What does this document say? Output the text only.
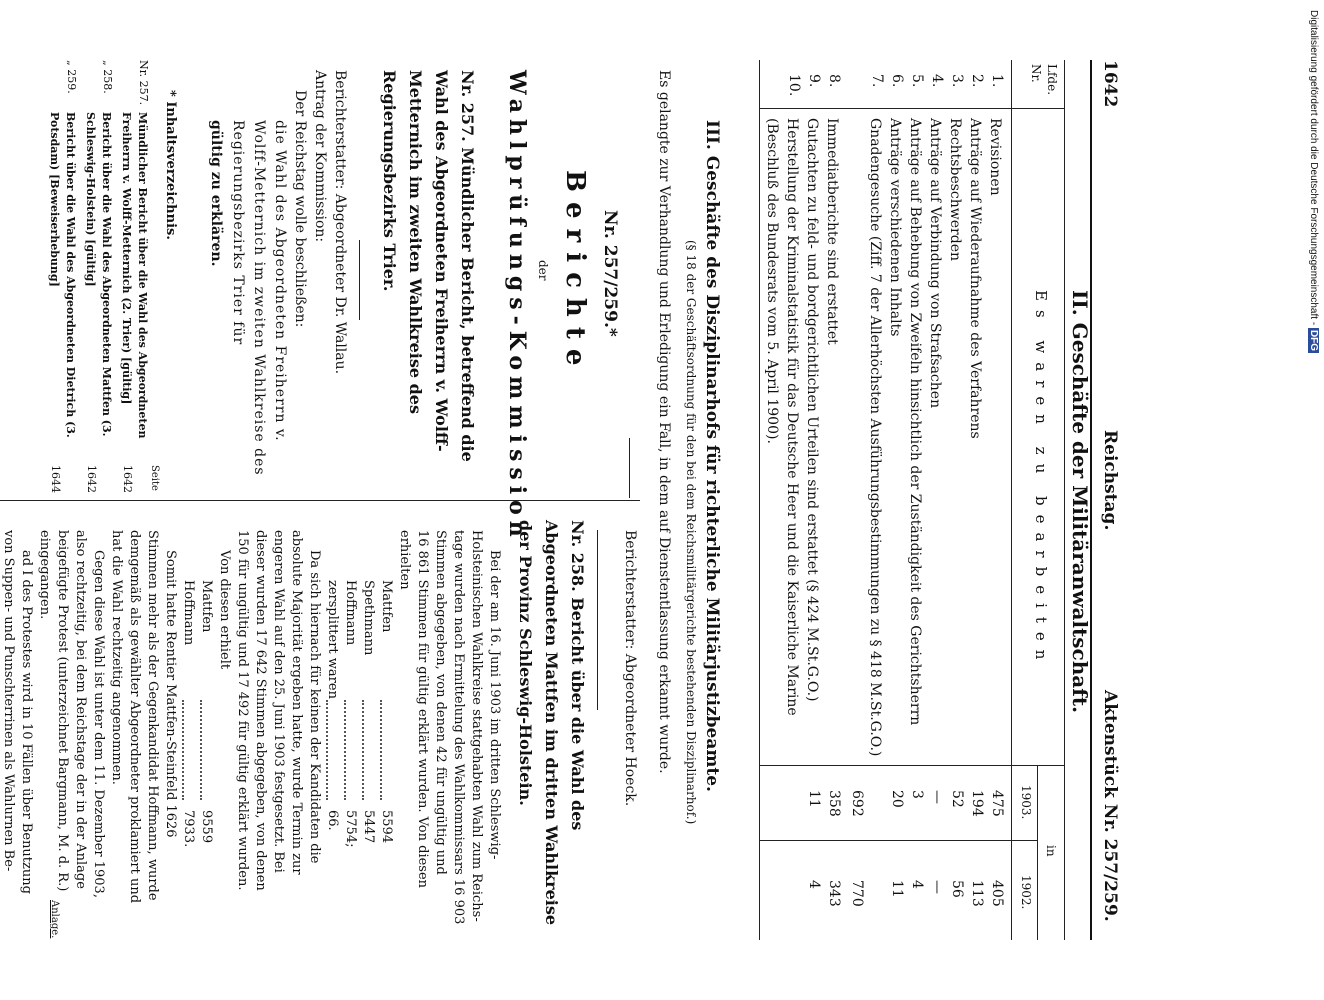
Digitalisierung gefördert durch die Deutsche Forschungsgemeinschaft - DFG
1642
Reichstag.
Aktenstück Nr. 257/259.
II. Geschäfte der Militäranwaltschaft.
Lfde. Nr.
Es waren zu bearbeiten
in
1903.
1902.
1.
Revisionen
475
405
2.
Anträge auf Wiederaufnahme des Verfahrens
194
113
3.
Rechtsbeschwerden
52
56
4.
Anträge auf Verbindung von Strafsachen
—
—
5.
Anträge auf Behebung von Zweifeln hinsichtlich der Zuständigkeit des Gerichtsherrn
3
4
6.
Anträge verschiedenen Inhalts
20
11
7.
Gnadengesuche (Ziff. 7 der Allerhöchsten Ausführungsbestimmungen zu § 418 M.St.G.O.)
692
770
8.
Immediatberichte sind erstattet
358
343
9.
Gutachten zu feld- und bordgerichtlichen Urteilen sind erstattet (§ 424 M.St.G.O.)
11
4
10.
Herstellung der Kriminalstatistik für das Deutsche Heer und die Kaiserliche Marine (Beschluß des Bundesrats vom 5. April 1900).
III. Geschäfte des Disziplinarhofs für richterliche Militärjustizbeamte.
(§ 18 der Geschäftsordnung für den bei dem Reichsmilitärgerichte bestehenden Disziplinarhof.)
Es gelangte zur Verhandlung und Erledigung ein Fall, in dem auf Dienstentlassung erkannt wurde.
Nr. 257/259.*
Berichte
der
Wahlprüfungs-Kommission
Nr. 257. Mündlicher Bericht, betreffend die Wahl des Abgeordneten Freiherrn v. Wolff-Metternich im zweiten Wahlkreise des Regierungsbezirks Trier.
Berichterstatter: Abgeordneter Dr. Wallau.
Antrag der Kommission:
Der Reichstag wolle beschließen:
die Wahl des Abgeordneten Freiherrn v. Wolff-Metternich im zweiten Wahlkreise des Regierungsbezirks Trier für
gültig zu erklären.
* Inhaltsverzeichnis.
Seite
Nr. 257.
Mündlicher Bericht über die Wahl des Abgeordneten Freiherrn v. Wolff-Metternich (2. Trier) [gültig]
1642
„ 258.
Bericht über die Wahl des Abgeordneten Mattfen (3. Schleswig-Holstein) [gültig]
1642
„ 259.
Bericht über die Wahl des Abgeordneten Dietrich (3. Potsdam) [Beweiserhebung]
1644
Berichterstatter: Abgeordneter Hoeck.
Nr. 258. Bericht über die Wahl des Abgeordneten Mattfen im dritten Wahlkreise der Provinz Schleswig-Holstein.
Bei der am 16. Juni 1903 im dritten Schleswig-
Holsteinischen Wahlkreise stattgehabten Wahl zum Reichs-
tage wurden nach Ermittelung des Wahlkommissars 16 903
Stimmen abgegeben, von denen 42 für ungültig und
16 861 Stimmen für gültig erklärt wurden. Von diesen
erhielten
Mattfen
5594
Spethmann
5447
Hoffmann
5754;
zersplittert waren
66.
Da sich hiernach für keinen der Kandidaten die
absolute Majorität ergeben hatte, wurde Termin zur
engeren Wahl auf den 25. Juni 1903 festgesetzt. Bei
dieser wurden 17 642 Stimmen abgegeben, von denen
150 für ungültig und 17 492 für gültig erklärt wurden.
Von diesen erhielt
Mattfen
9559
Hoffmann
7933.
Somit hatte Rentier Mattfen-Steinfeld 1626
Stimmen mehr als der Gegenkandidat Hoffmann, wurde
demgemäß als gewählter Abgeordneter proklamiert und
hat die Wahl rechtzeitig angenommen.
Gegen diese Wahl ist unter dem 11. Dezember 1903,
also rechtzeitig, bei dem Reichstage der in der Anlage
beigefügte Protest (unterzeichnet Bargmann, M. d. R.)
eingegangen.
ad I des Protestes wird in 10 Fällen über Benutzung
von Suppen- und Punschterrinen als Wahlurnen Be-
Anlage.
